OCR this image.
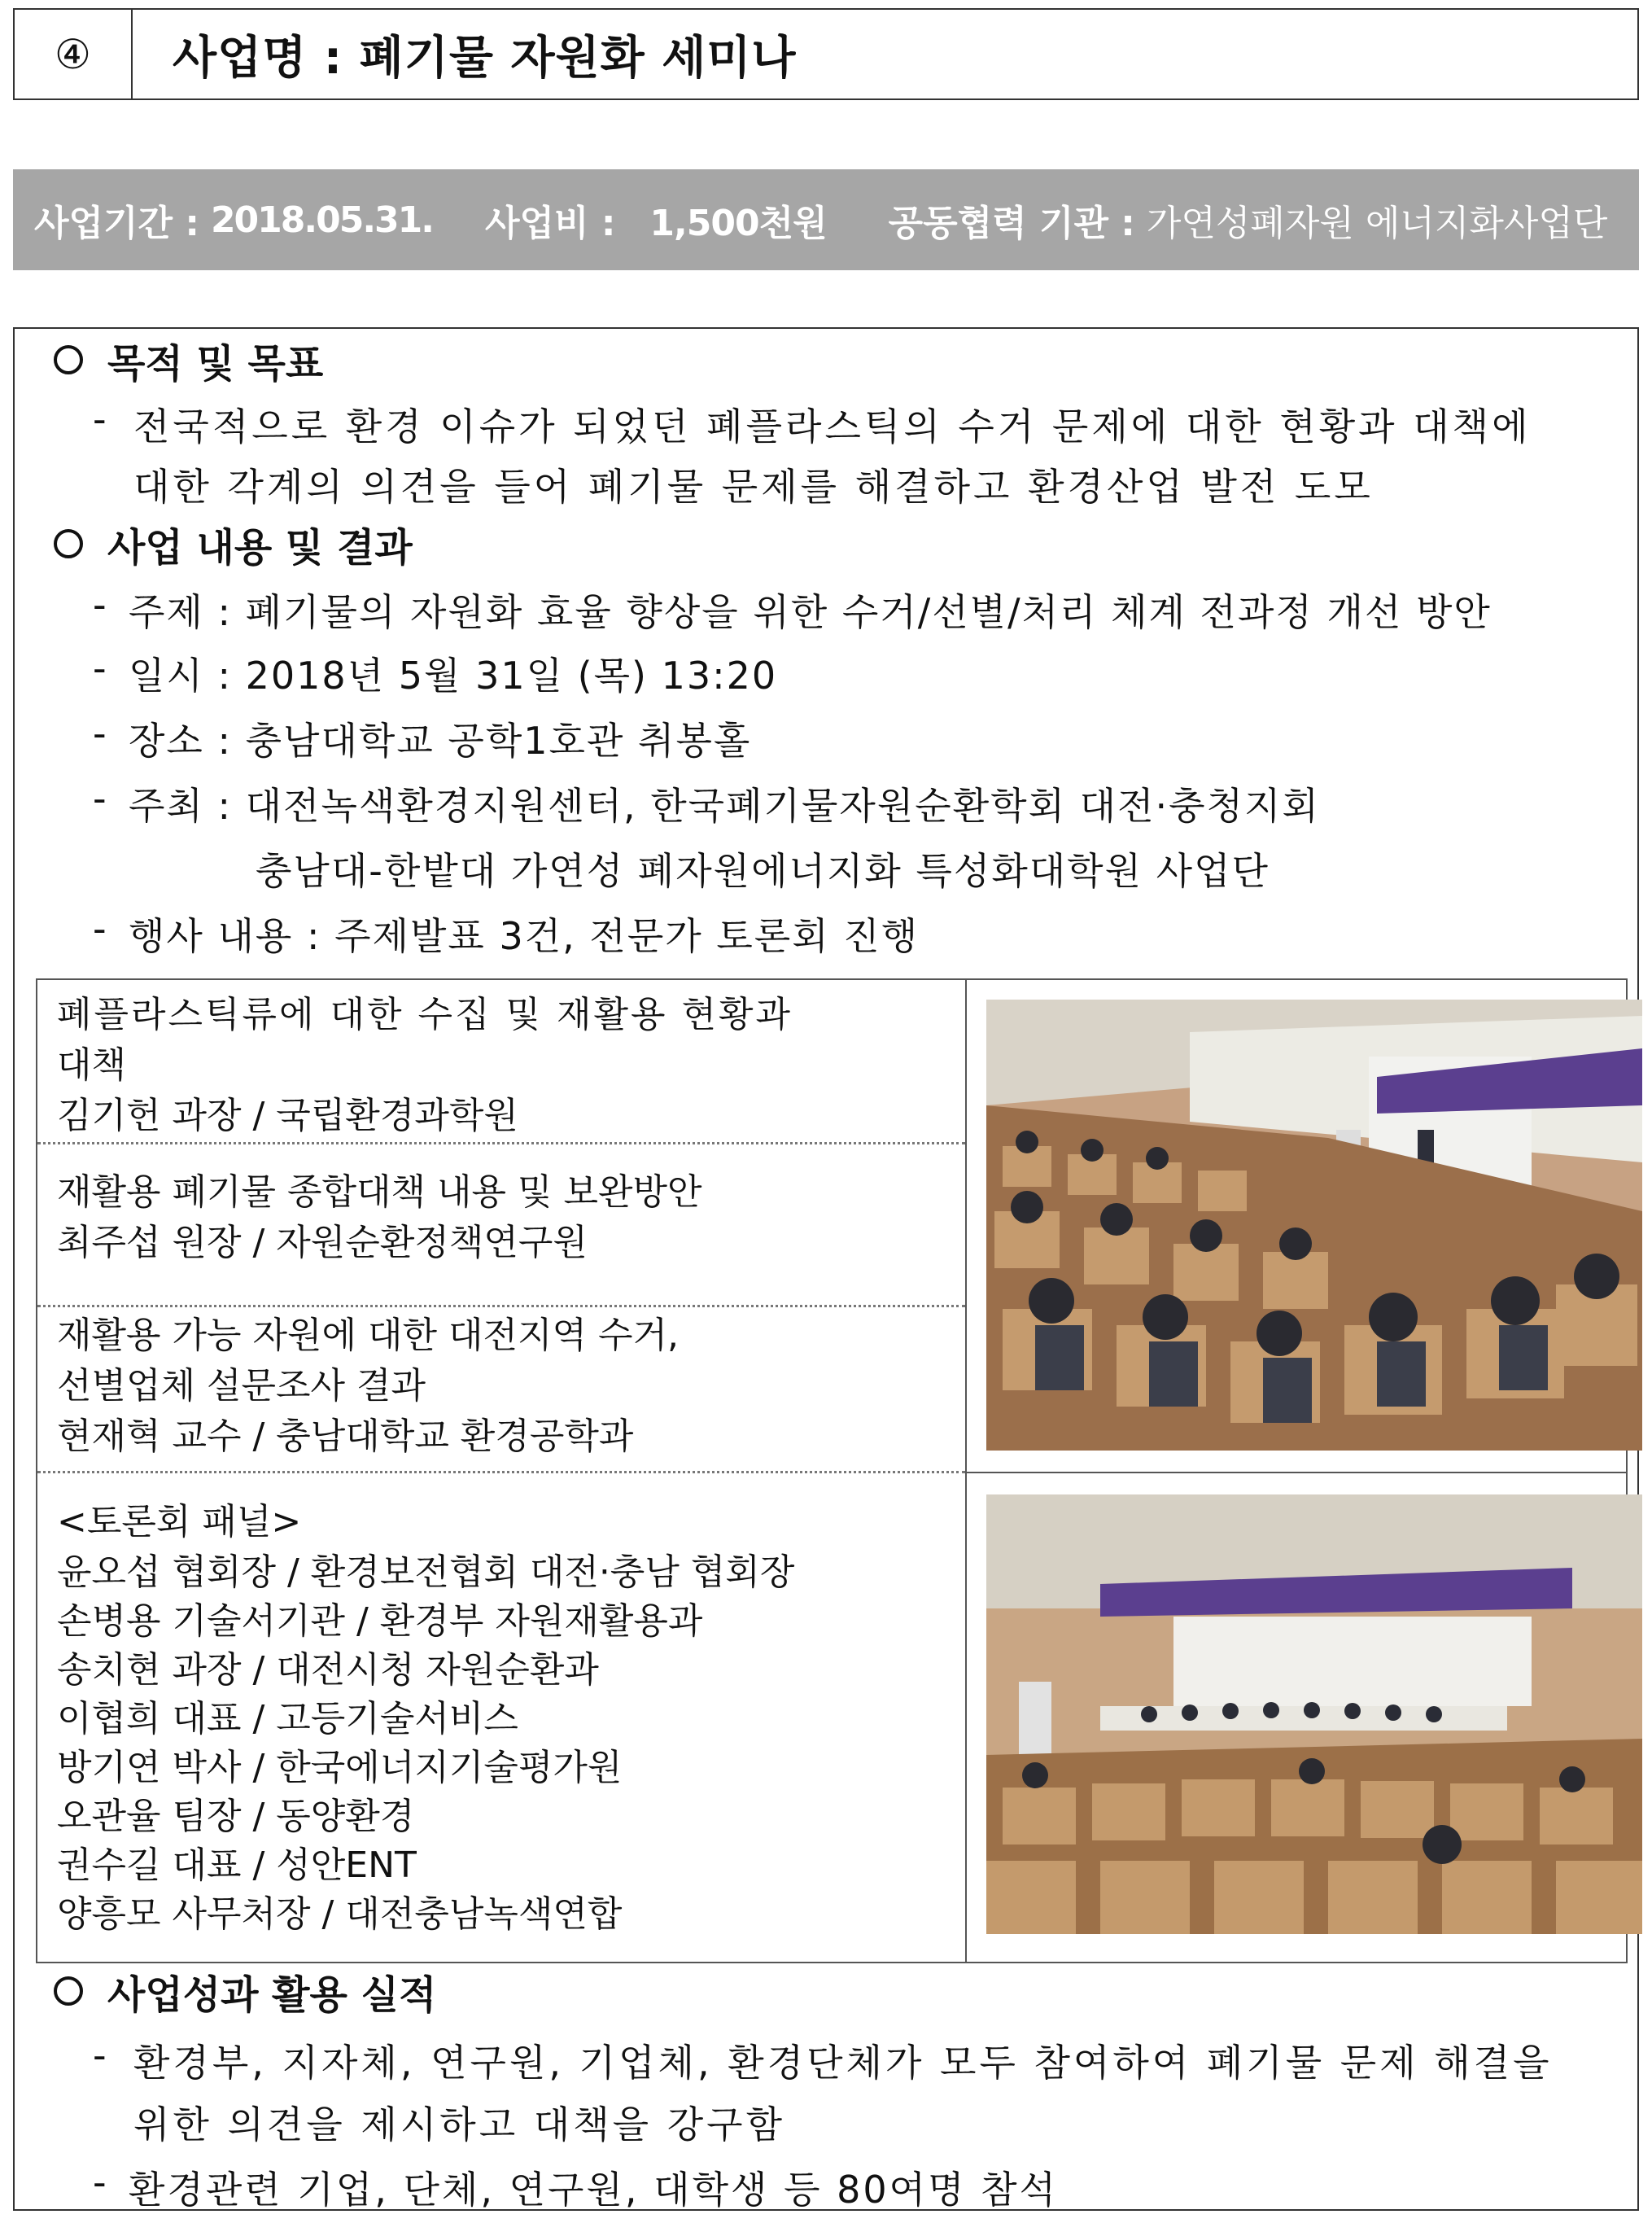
④	사업명 : 폐기물 자원화 세미나
사업기간 :
2018.05.31. 사업비 :
1,500천원 공동협력 기관 :
가연성폐자원 에너지화사업단
목적 및 목표
- 전국적으로 환경 이슈가 되었던 폐플라스틱의 수거 문제에 대한 현황과 대책에
대한 각계의 의견을 들어 폐기물 문제를 해결하고 환경산업 발전 도모
사업 내용 및 결과
- 주제 : 폐기물의 자원화 효율 향상을 위한 수거/선별/처리 체계 전과정 개선 방안
- 일시 : 2018년 5월 31일 (목) 13:20
- 장소 : 충남대학교 공학1호관 취봉홀
- 주최 : 대전녹색환경지원센터, 한국폐기물자원순환학회 대전·충청지회
충남대-한밭대 가연성 폐자원에너지화 특성화대학원 사업단
- 행사 내용 : 주제발표 3건, 전문가 토론회 진행
폐플라스틱류에 대한 수집 및 재활용 현황과
대책
김기헌 과장 / 국립환경과학원
재활용 폐기물 종합대책 내용 및 보완방안
최주섭 원장 / 자원순환정책연구원
재활용 가능 자원에 대한 대전지역 수거,
선별업체 설문조사 결과
현재혁 교수 / 충남대학교 환경공학과
<토론회 패널>
윤오섭 협회장 / 환경보전협회 대전·충남 협회장
손병용 기술서기관 / 환경부 자원재활용과
송치현 과장 / 대전시청 자원순환과
이협희 대표 / 고등기술서비스
방기연 박사 / 한국에너지기술평가원
오관율 팀장 / 동양환경
권수길 대표 / 성안ENT
양흥모 사무처장 / 대전충남녹색연합
사업성과 활용 실적
- 환경부, 지자체, 연구원, 기업체, 환경단체가 모두 참여하여 폐기물 문제 해결을
위한 의견을 제시하고 대책을 강구함
- 환경관련 기업, 단체, 연구원, 대학생 등 80여명 참석
